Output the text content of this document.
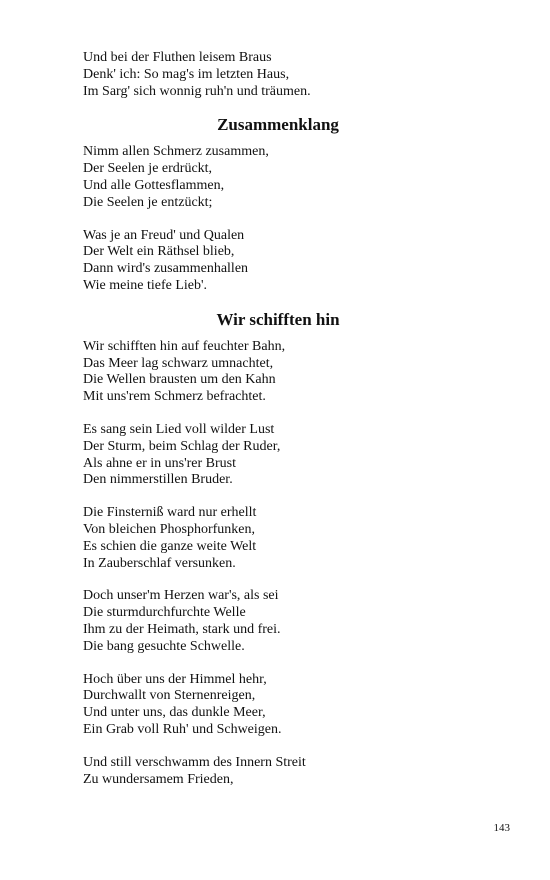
Und bei der Fluthen leisem Braus
Denk' ich: So mag's im letzten Haus,
Im Sarg' sich wonnig ruh'n und träumen.
Zusammenklang
Nimm allen Schmerz zusammen,
Der Seelen je erdrückt,
Und alle Gottesflammen,
Die Seelen je entzückt;
Was je an Freud' und Qualen
Der Welt ein Räthsel blieb,
Dann wird's zusammenhallen
Wie meine tiefe Lieb'.
Wir schifften hin
Wir schifften hin auf feuchter Bahn,
Das Meer lag schwarz umnachtet,
Die Wellen brausten um den Kahn
Mit uns'rem Schmerz befrachtet.
Es sang sein Lied voll wilder Lust
Der Sturm, beim Schlag der Ruder,
Als ahne er in uns'rer Brust
Den nimmerstillen Bruder.
Die Finsterniß ward nur erhellt
Von bleichen Phosphorfunken,
Es schien die ganze weite Welt
In Zauberschlaf versunken.
Doch unser'm Herzen war's, als sei
Die sturmdurchfurchte Welle
Ihm zu der Heimath, stark und frei.
Die bang gesuchte Schwelle.
Hoch über uns der Himmel hehr,
Durchwallt von Sternenreigen,
Und unter uns, das dunkle Meer,
Ein Grab voll Ruh' und Schweigen.
Und still verschwamm des Innern Streit
Zu wundersamem Frieden,
143
